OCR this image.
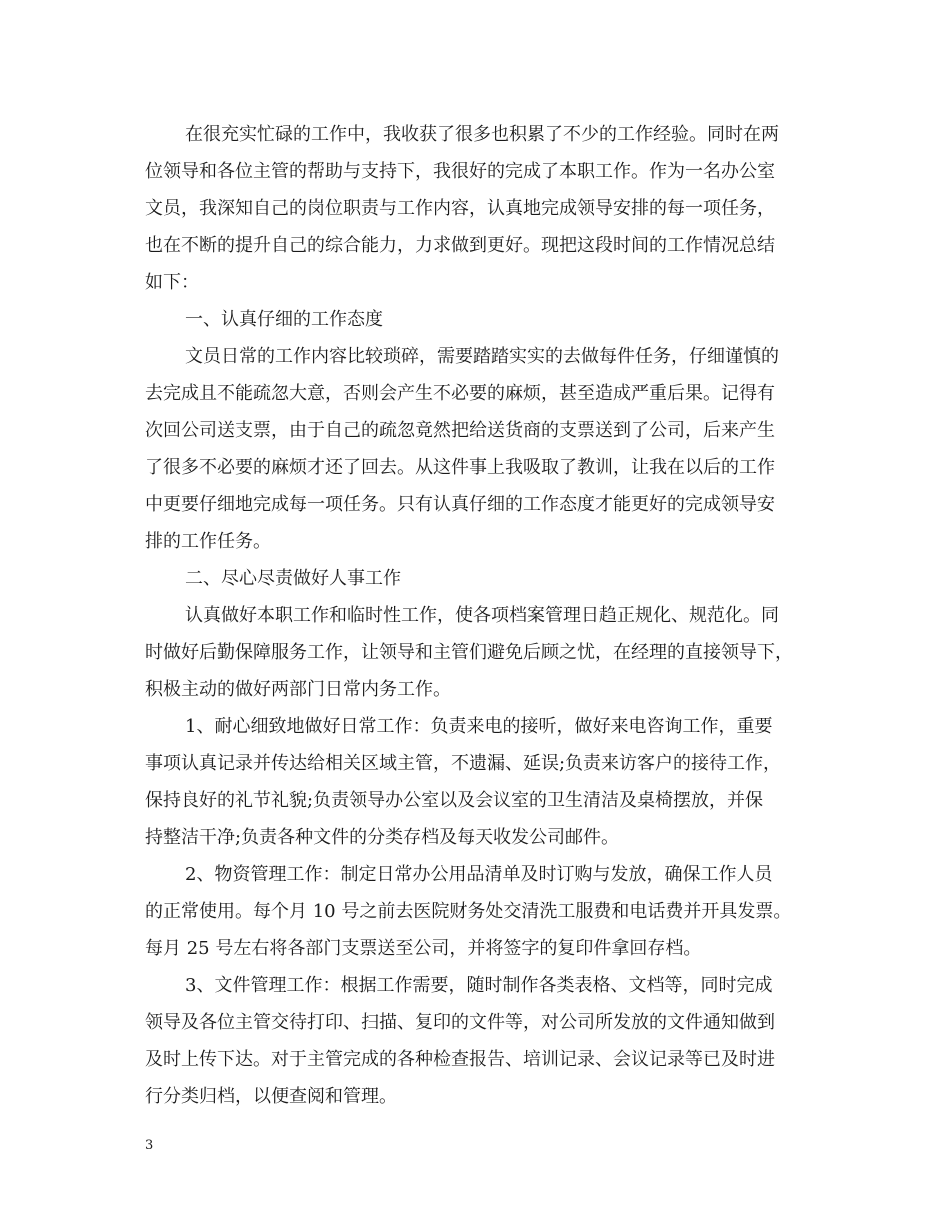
在很充实忙碌的工作中，我收获了很多也积累了不少的工作经验。同时在两
位领导和各位主管的帮助与支持下，我很好的完成了本职工作。作为一名办公室
文员，我深知自己的岗位职责与工作内容，认真地完成领导安排的每一项任务，
也在不断的提升自己的综合能力，力求做到更好。现把这段时间的工作情况总结
如下：
一、认真仔细的工作态度
文员日常的工作内容比较琐碎，需要踏踏实实的去做每件任务，仔细谨慎的
去完成且不能疏忽大意，否则会产生不必要的麻烦，甚至造成严重后果。记得有
次回公司送支票，由于自己的疏忽竟然把给送货商的支票送到了公司，后来产生
了很多不必要的麻烦才还了回去。从这件事上我吸取了教训，让我在以后的工作
中更要仔细地完成每一项任务。只有认真仔细的工作态度才能更好的完成领导安
排的工作任务。
二、尽心尽责做好人事工作
认真做好本职工作和临时性工作，使各项档案管理日趋正规化、规范化。同
时做好后勤保障服务工作，让领导和主管们避免后顾之忧，在经理的直接领导下，
积极主动的做好两部门日常内务工作。
1、耐心细致地做好日常工作：负责来电的接听，做好来电咨询工作，重要
事项认真记录并传达给相关区域主管，不遗漏、延误;负责来访客户的接待工作，
保持良好的礼节礼貌;负责领导办公室以及会议室的卫生清洁及桌椅摆放，并保
持整洁干净;负责各种文件的分类存档及每天收发公司邮件。
2、物资管理工作：制定日常办公用品清单及时订购与发放，确保工作人员
的正常使用。每个月 10 号之前去医院财务处交清洗工服费和电话费并开具发票。
每月 25 号左右将各部门支票送至公司，并将签字的复印件拿回存档。
3、文件管理工作：根据工作需要，随时制作各类表格、文档等，同时完成
领导及各位主管交待打印、扫描、复印的文件等，对公司所发放的文件通知做到
及时上传下达。对于主管完成的各种检查报告、培训记录、会议记录等已及时进
行分类归档，以便查阅和管理。
3
